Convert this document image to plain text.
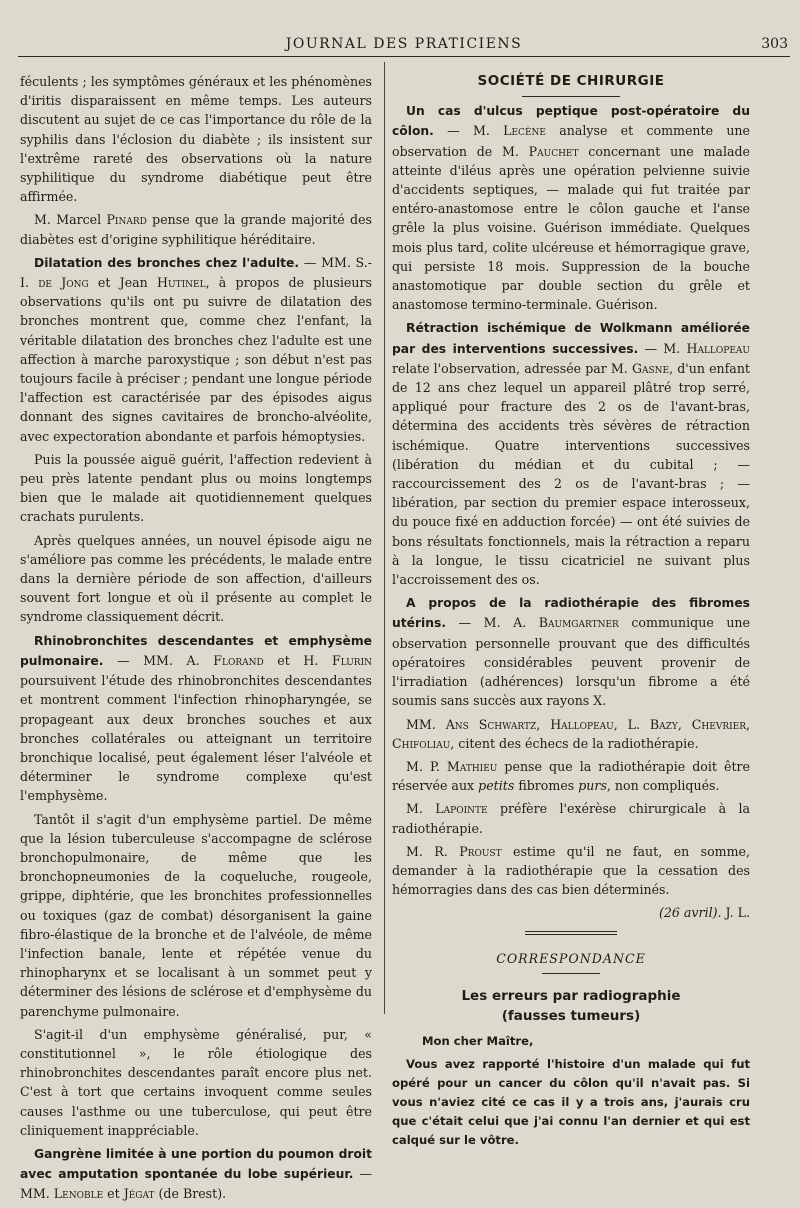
JOURNAL DES PRATICIENS	303

féculents ; les symptômes généraux et les phénomènes d'iritis disparaissent en même temps. Les auteurs discutent au sujet de ce cas l'importance du rôle de la syphilis dans l'éclosion du diabète ; ils insistent sur l'extrême rareté des observations où la nature syphilitique du syndrome diabétique peut être affirmée.

M. Marcel Pinard pense que la grande majorité des diabètes est d'origine syphilitique héréditaire.

Dilatation des bronches chez l'adulte. — MM. S.-I. de Jong et Jean Hutinel, à propos de plusieurs observations qu'ils ont pu suivre de dilatation des bronches montrent que, comme chez l'enfant, la véritable dilatation des bronches chez l'adulte est une affection à marche paroxystique ; son début n'est pas toujours facile à préciser ; pendant une longue période l'affection est caractérisée par des épisodes aigus donnant des signes cavitaires de broncho-alvéolite, avec expectoration abondante et parfois hémoptysies.

Puis la poussée aiguë guérit, l'affection redevient à peu près latente pendant plus ou moins longtemps bien que le malade ait quotidiennement quelques crachats purulents.

Après quelques années, un nouvel épisode aigu ne s'améliore pas comme les précédents, le malade entre dans la dernière période de son affection, d'ailleurs souvent fort longue et où il présente au complet le syndrome classiquement décrit.

Rhinobronchites descendantes et emphysème pulmonaire. — MM. A. Florand et H. Flurin poursuivent l'étude des rhinobronchites descendantes et montrent comment l'infection rhinopharyngée, se propageant aux deux bronches souches et aux bronches collatérales ou atteignant un territoire bronchique localisé, peut également léser l'alvéole et déterminer le syndrome complexe qu'est l'emphysème.

Tantôt il s'agit d'un emphysème partiel. De même que la lésion tuberculeuse s'accompagne de sclérose bronchopulmonaire, de même que les bronchopneumonies de la coqueluche, rougeole, grippe, diphtérie, que les bronchites professionnelles ou toxiques (gaz de combat) désorganisent la gaine fibro-élastique de la bronche et de l'alvéole, de même l'infection banale, lente et répétée venue du rhinopharynx et se localisant à un sommet peut y déterminer des lésions de sclérose et d'emphysème du parenchyme pulmonaire.

S'agit-il d'un emphysème généralisé, pur, « constitutionnel », le rôle étiologique des rhinobronchites descendantes paraît encore plus net. C'est à tort que certains invoquent comme seules causes l'asthme ou une tuberculose, qui peut être cliniquement inappréciable.

Gangrène limitée à une portion du poumon droit avec amputation spontanée du lobe supérieur. — MM. Lenoble et Jégat (de Brest).

SOCIÉTÉ DE CHIRURGIE

Un cas d'ulcus peptique post-opératoire du côlon. — M. Lecène analyse et commente une observation de M. Pauchet concernant une malade atteinte d'iléus après une opération pelvienne suivie d'accidents septiques, — malade qui fut traitée par entéro-anastomose entre le côlon gauche et l'anse grêle la plus voisine. Guérison immédiate. Quelques mois plus tard, colite ulcéreuse et hémorragique grave, qui persiste 18 mois. Suppression de la bouche anastomotique par double section du grêle et anastomose termino-terminale. Guérison.

Rétraction ischémique de Wolkmann améliorée par des interventions successives. — M. Hallopeau relate l'observation, adressée par M. Gasne, d'un enfant de 12 ans chez lequel un appareil plâtré trop serré, appliqué pour fracture des 2 os de l'avant-bras, détermina des accidents très sévères de rétraction ischémique. Quatre interventions successives (libération du médian et du cubital ; — raccourcissement des 2 os de l'avant-bras ; — libération, par section du premier espace interosseux, du pouce fixé en adduction forcée) — ont été suivies de bons résultats fonctionnels, mais la rétraction a reparu à la longue, le tissu cicatriciel ne suivant plus l'accroissement des os.

A propos de la radiothérapie des fibromes utérins. — M. A. Baumgartner communique une observation personnelle prouvant que des difficultés opératoires considérables peuvent provenir de l'irradiation (adhérences) lorsqu'un fibrome a été soumis sans succès aux rayons X.

MM. Ans Schwartz, Hallopeau, L. Bazy, Chevrier, Chifoliau, citent des échecs de la radiothérapie.

M. P. Mathieu pense que la radiothérapie doit être réservée aux petits fibromes purs, non compliqués.

M. Lapointe préfère l'exérèse chirurgicale à la radiothérapie.

M. R. Proust estime qu'il ne faut, en somme, demander à la radiothérapie que la cessation des hémorragies dans des cas bien déterminés.

(26 avril). J. L.

CORRESPONDANCE
Les erreurs par radiographie
(fausses tumeurs)
Mon cher Maître,

Vous avez rapporté l'histoire d'un malade qui fut opéré pour un cancer du côlon qu'il n'avait pas. Si vous n'aviez cité ce cas il y a trois ans, j'aurais cru que c'était celui que j'ai connu l'an dernier et qui est calqué sur le vôtre.
